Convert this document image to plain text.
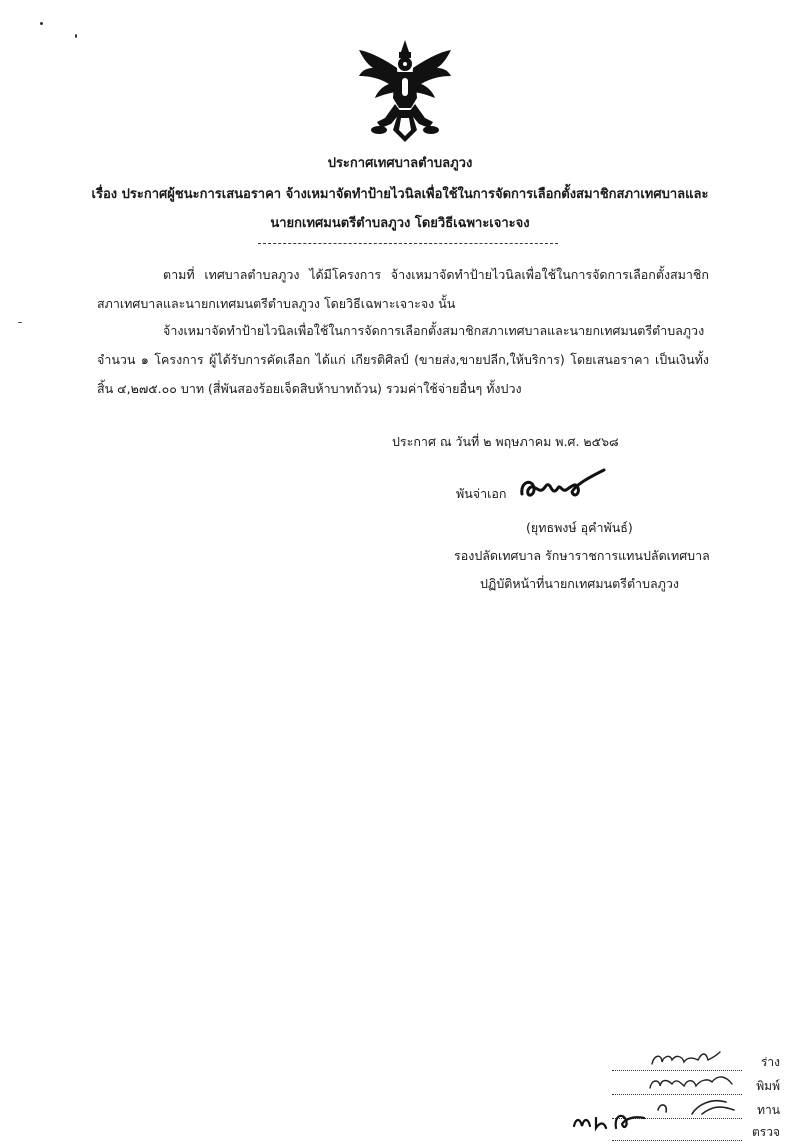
ประกาศเทศบาลตำบลภูวง
เรื่อง ประกาศผู้ชนะการเสนอราคา จ้างเหมาจัดทำป้ายไวนิลเพื่อใช้ในการจัดการเลือกตั้งสมาชิกสภาเทศบาลและ
นายกเทศมนตรีตำบลภูวง โดยวิธีเฉพาะเจาะจง
ตามที่ เทศบาลตำบลภูวง ได้มีโครงการ จ้างเหมาจัดทำป้ายไวนิลเพื่อใช้ในการจัดการเลือกตั้งสมาชิกสภาเทศบาลและนายกเทศมนตรีตำบลภูวง โดยวิธีเฉพาะเจาะจง นั้น
จ้างเหมาจัดทำป้ายไวนิลเพื่อใช้ในการจัดการเลือกตั้งสมาชิกสภาเทศบาลและนายกเทศมนตรีตำบลภูวง จำนวน ๑ โครงการ ผู้ได้รับการคัดเลือก ได้แก่ เกียรติศิลป์ (ขายส่ง,ขายปลีก,ให้บริการ) โดยเสนอราคา เป็นเงินทั้งสิ้น ๔,๒๗๕.๐๐ บาท (สี่พันสองร้อยเจ็ดสิบห้าบาทถ้วน) รวมค่าใช้จ่ายอื่นๆ ทั้งปวง
ประกาศ ณ วันที่ ๒ พฤษภาคม พ.ศ. ๒๕๖๘
พันจ่าเอก
(ยุทธพงษ์ อุคำพันธ์)
รองปลัดเทศบาล รักษาราชการแทนปลัดเทศบาล
ปฏิบัติหน้าที่นายกเทศมนตรีตำบลภูวง
ร่าง
พิมพ์
ทาน
ตรวจ
